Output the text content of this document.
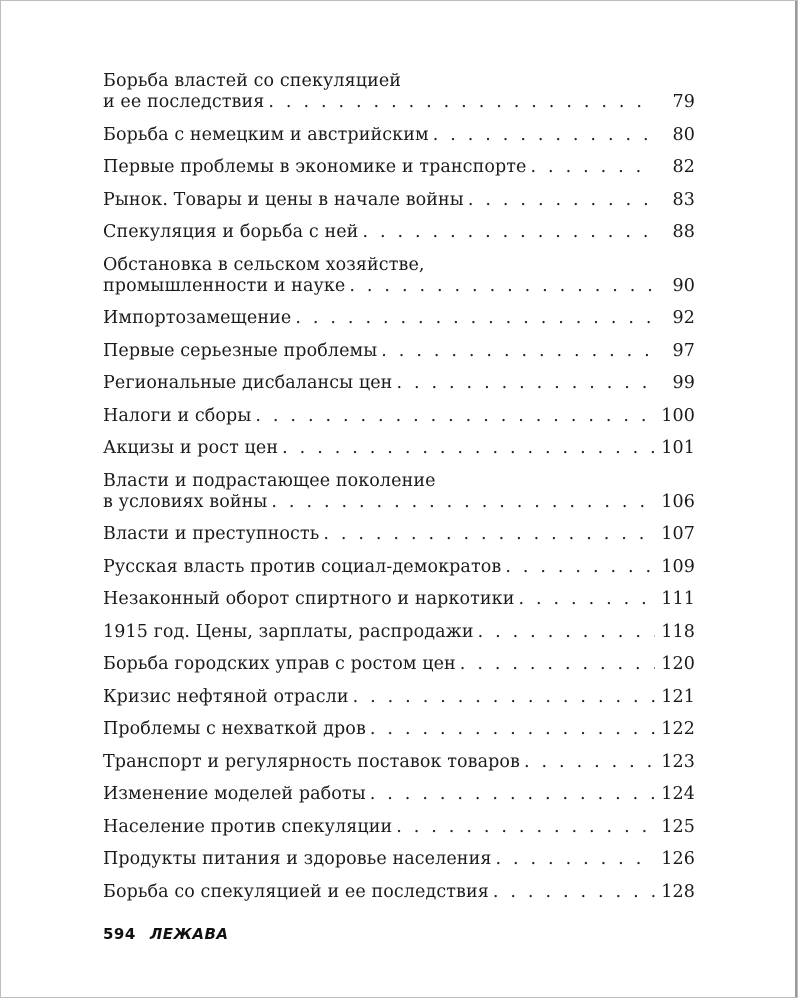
Борьба властей со спекуляцией
и ее последствия . . .	79
Борьба с немецким и австрийским . . .	80
Первые проблемы в экономике и транспорте . . .	82
Рынок. Товары и цены в начале войны . . .	83
Спекуляция и борьба с ней . . .	88
Обстановка в сельском хозяйстве,
промышленности и науке . . .	90
Импортозамещение . . .	92
Первые серьезные проблемы . . .	97
Региональные дисбалансы цен . . .	99
Налоги и сборы . . .	100
Акцизы и рост цен . . .	101
Власти и подрастающее поколение
в условиях войны . . .	106
Власти и преступность . . .	107
Русская власть против социал-демократов . . .	109
Незаконный оборот спиртного и наркотики . . .	111
1915 год. Цены, зарплаты, распродажи . . .	118
Борьба городских управ с ростом цен . . .	120
Кризис нефтяной отрасли . . .	121
Проблемы с нехваткой дров . . .	122
Транспорт и регулярность поставок товаров . . .	123
Изменение моделей работы . . .	124
Население против спекуляции . . .	125
Продукты питания и здоровье населения . . .	126
Борьба со спекуляцией и ее последствия . . .	128
594 ЛЕЖАВА
